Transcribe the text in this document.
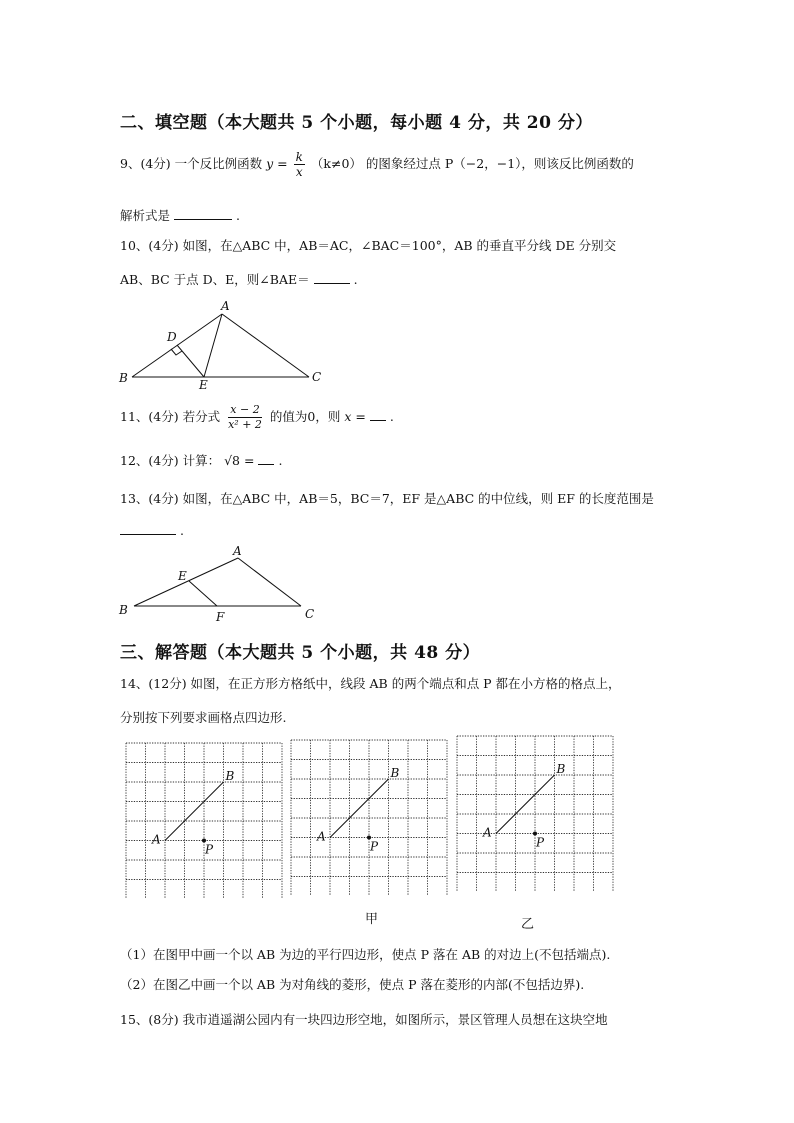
二、填空题（本大题共 5 个小题，每小题 4 分，共 20 分）
9、(4分) 一个反比例函数 $y = \frac{k}{x} (k\ne 0)$ 的图象经过点 P（−2，−1），则该反比例函数的
解析式是	.
10、(4分) 如图，在△ABC 中，AB＝AC，∠BAC＝100°，AB 的垂直平分线 DE 分别交
AB、BC 于点 D、E，则∠BAE＝	.
A
B	C
D
E
11、(4分) 若分式 $\frac{x - 2}{\text{x² + 2}}$ 的值为0，则 x = .
12、(4分) 计算： √8 = .
13、(4分) 如图，在△ABC 中，AB＝5，BC＝7，EF 是△ABC 的中位线，则 EF 的长度范围是
.
A
B	C
E
F
三、解答题（本大题共 5 个小题，共 48 分）
14、(12分) 如图，在正方形方格纸中，线段 AB 的两个端点和点 P 都在小方格的格点上，
分别按下列要求画格点四边形.
A
B
P
A
B
P
A
B
P
甲	乙
（1）在图甲中画一个以 AB 为边的平行四边形，使点 P 落在 AB 的对边上(不包括端点).
（2）在图乙中画一个以 AB 为对角线的菱形，使点 P 落在菱形的内部(不包括边界).
15、(8分) 我市逍遥湖公园内有一块四边形空地，如图所示，景区管理人员想在这块空地
